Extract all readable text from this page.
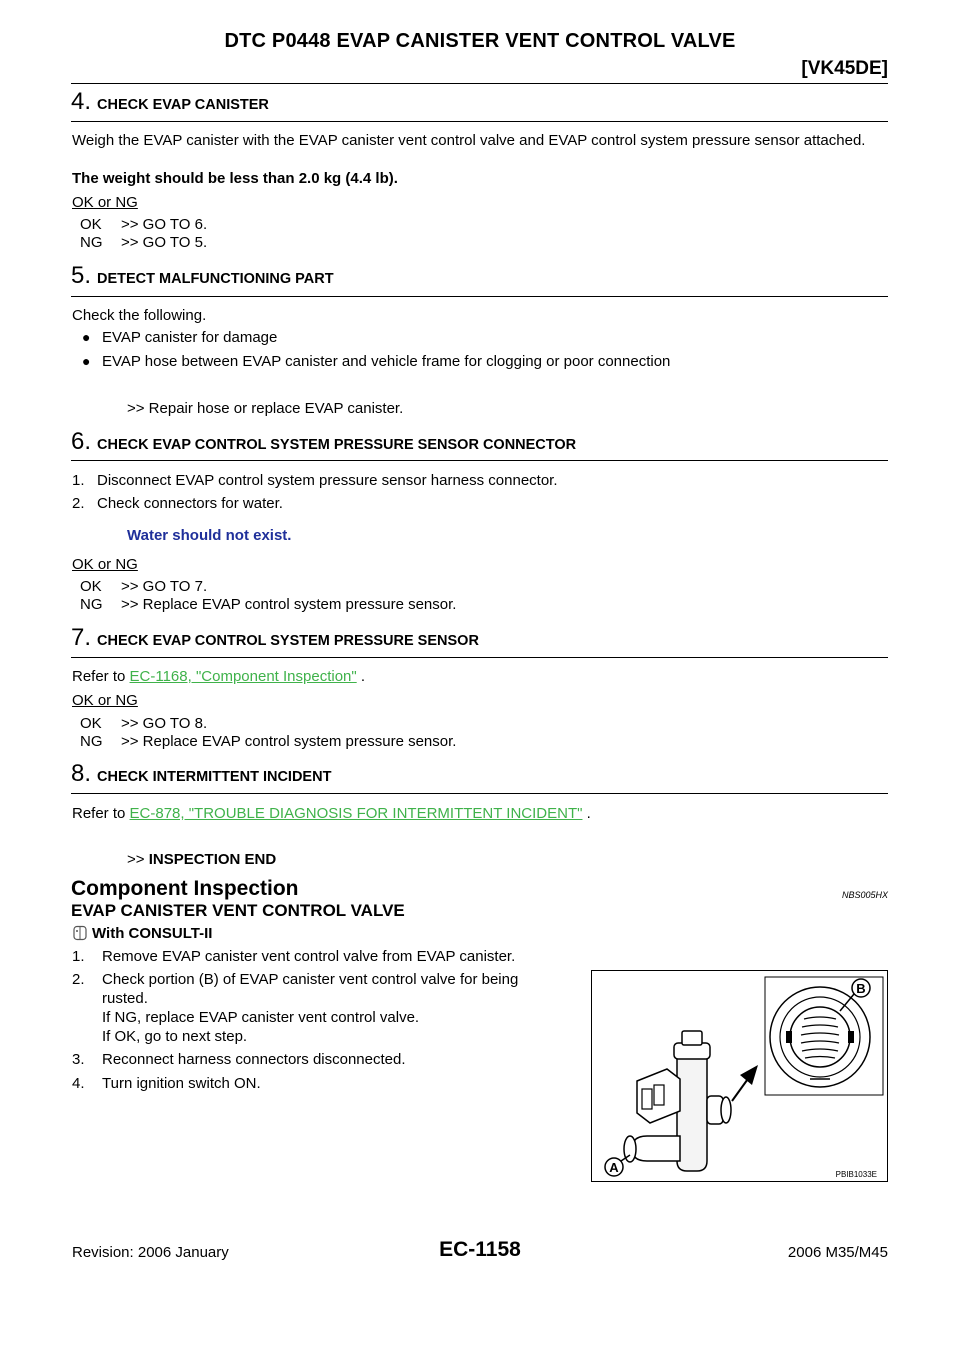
DTC P0448 EVAP CANISTER VENT CONTROL VALVE
[VK45DE]
4. CHECK EVAP CANISTER
Weigh the EVAP canister with the EVAP canister vent control valve and EVAP control system pressure sensor attached.
The weight should be less than 2.0 kg (4.4 lb).
OK or NG
OK >> GO TO 6.
NG >> GO TO 5.
5. DETECT MALFUNCTIONING PART
Check the following.
● EVAP canister for damage
● EVAP hose between EVAP canister and vehicle frame for clogging or poor connection
>> Repair hose or replace EVAP canister.
6. CHECK EVAP CONTROL SYSTEM PRESSURE SENSOR CONNECTOR
1.   Disconnect EVAP control system pressure sensor harness connector.
2.   Check connectors for water.
Water should not exist.
OK or NG
OK >> GO TO 7.
NG >> Replace EVAP control system pressure sensor.
7. CHECK EVAP CONTROL SYSTEM PRESSURE SENSOR
Refer to EC-1168, "Component Inspection" .
OK or NG
OK >> GO TO 8.
NG >> Replace EVAP control system pressure sensor.
8. CHECK INTERMITTENT INCIDENT
Refer to EC-878, "TROUBLE DIAGNOSIS FOR INTERMITTENT INCIDENT" .
>> INSPECTION END
Component Inspection	NBS005HX
EVAP CANISTER VENT CONTROL VALVE
With CONSULT-II
1. Remove EVAP canister vent control valve from EVAP canister.
2. Check portion (B) of EVAP canister vent control valve for being
rusted.
If NG, replace EVAP canister vent control valve.
If OK, go to next step.
3. Reconnect harness connectors disconnected.
4. Turn ignition switch ON.
B
A	PBIB1033E
Revision: 2006 January	EC-1158	2006 M35/M45
